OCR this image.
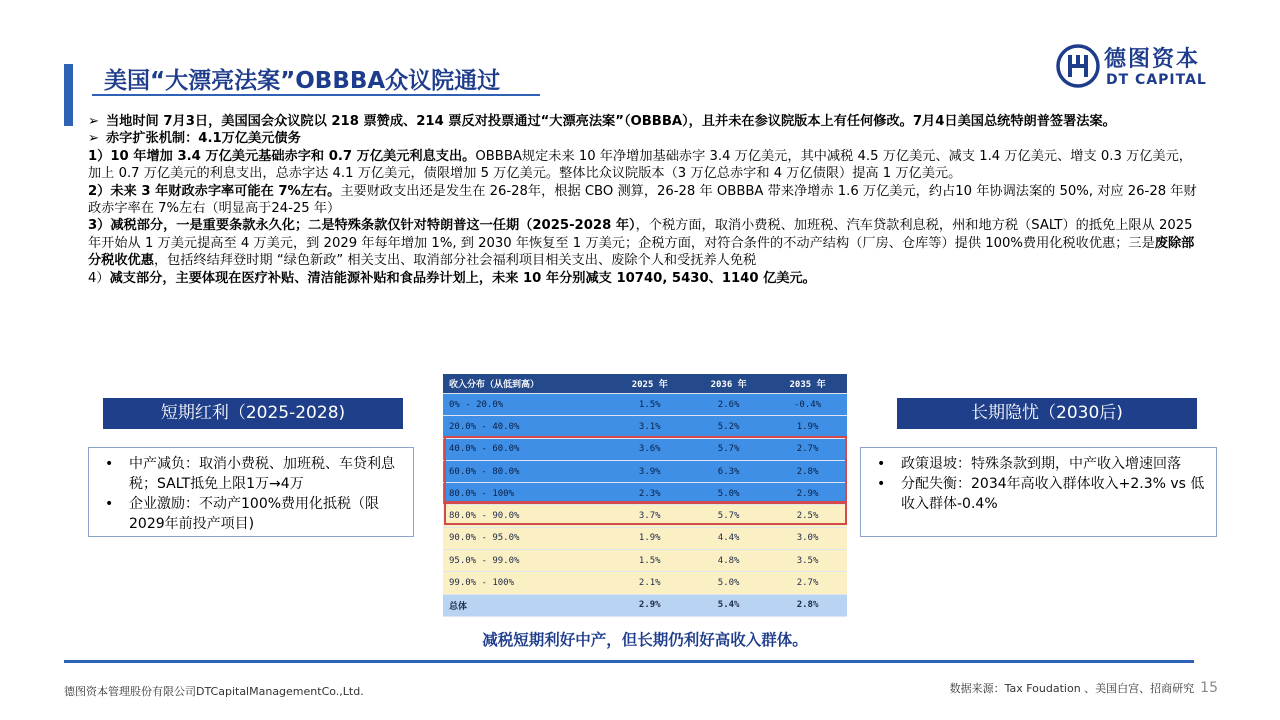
美国“大漂亮法案”OBBBA众议院通过
德图资本
DT CAPITAL

➢ 当地时间 7月3日，美国国会众议院以 218 票赞成、214 票反对投票通过“大漂亮法案”（OBBBA），且并未在参议院版本上有任何修改。7月4日美国总统特朗普签署法案。

➢ 赤字扩张机制：4.1万亿美元债务

1）10 年增加 3.4 万亿美元基础赤字和 0.7 万亿美元利息支出。OBBBA规定未来 10 年净增加基础赤字 3.4 万亿美元，其中减税 4.5 万亿美元、减支 1.4 万亿美元、增支 0.3 万亿美元，加上 0.7 万亿美元的利息支出，总赤字达 4.1 万亿美元，债限增加 5 万亿美元。整体比众议院版本（3 万亿总赤字和 4 万亿债限）提高 1 万亿美元。

2）未来 3 年财政赤字率可能在 7%左右。主要财政支出还是发生在 26-28年，根据 CBO 测算，26-28 年 OBBBA 带来净增赤 1.6 万亿美元，约占10 年协调法案的 50%, 对应 26-28 年财政赤字率在 7%左右（明显高于24-25 年）

3）减税部分，一是重要条款永久化；二是特殊条款仅针对特朗普这一任期（2025-2028 年），个税方面，取消小费税、加班税、汽车贷款利息税，州和地方税（SALT）的抵免上限从 2025 年开始从 1 万美元提高至 4 万美元，到 2029 年每年增加 1%, 到 2030 年恢复至 1 万美元；企税方面，对符合条件的不动产结构（厂房、仓库等）提供 100%费用化税收优惠；三是废除部分税收优惠，包括终结拜登时期 “绿色新政” 相关支出、取消部分社会福利项目相关支出、废除个人和受抚养人免税

4）减支部分，主要体现在医疗补贴、清洁能源补贴和食品券计划上，未来 10 年分别减支 10740, 5430、1140 亿美元。

短期红利（2025-2028)
• 中产减负：取消小费税、加班税、车贷利息税；SALT抵免上限1万→4万
• 企业激励：不动产100%费用化抵税（限2029年前投产项目)
长期隐忧（2030后)
• 政策退坡：特殊条款到期，中产收入增速回落
• 分配失衡：2034年高收入群体收入+2.3% vs 低收入群体-0.4%
收入分布（从低到高）	2025 年	2036 年	2035 年
0% - 20.0%	1.5%	2.6%	-0.4%
20.0% - 40.0%	3.1%	5.2%	1.9%
40.0% - 60.0%	3.6%	5.7%	2.7%
60.0% - 80.0%	3.9%	6.3%	2.8%
80.0% - 100%	2.3%	5.0%	2.9%
80.0% - 90.0%	3.7%	5.7%	2.5%
90.0% - 95.0%	1.9%	4.4%	3.0%
95.0% - 99.0%	1.5%	4.8%	3.5%
99.0% - 100%	2.1%	5.0%	2.7%
总体	2.9%	5.4%	2.8%
减税短期利好中产，但长期仍利好高收入群体。
德图资本管理股份有限公司DTCapitalManagementCo.,Ltd.	数据来源：Tax Foudation 、美国白宫、招商研究 15
